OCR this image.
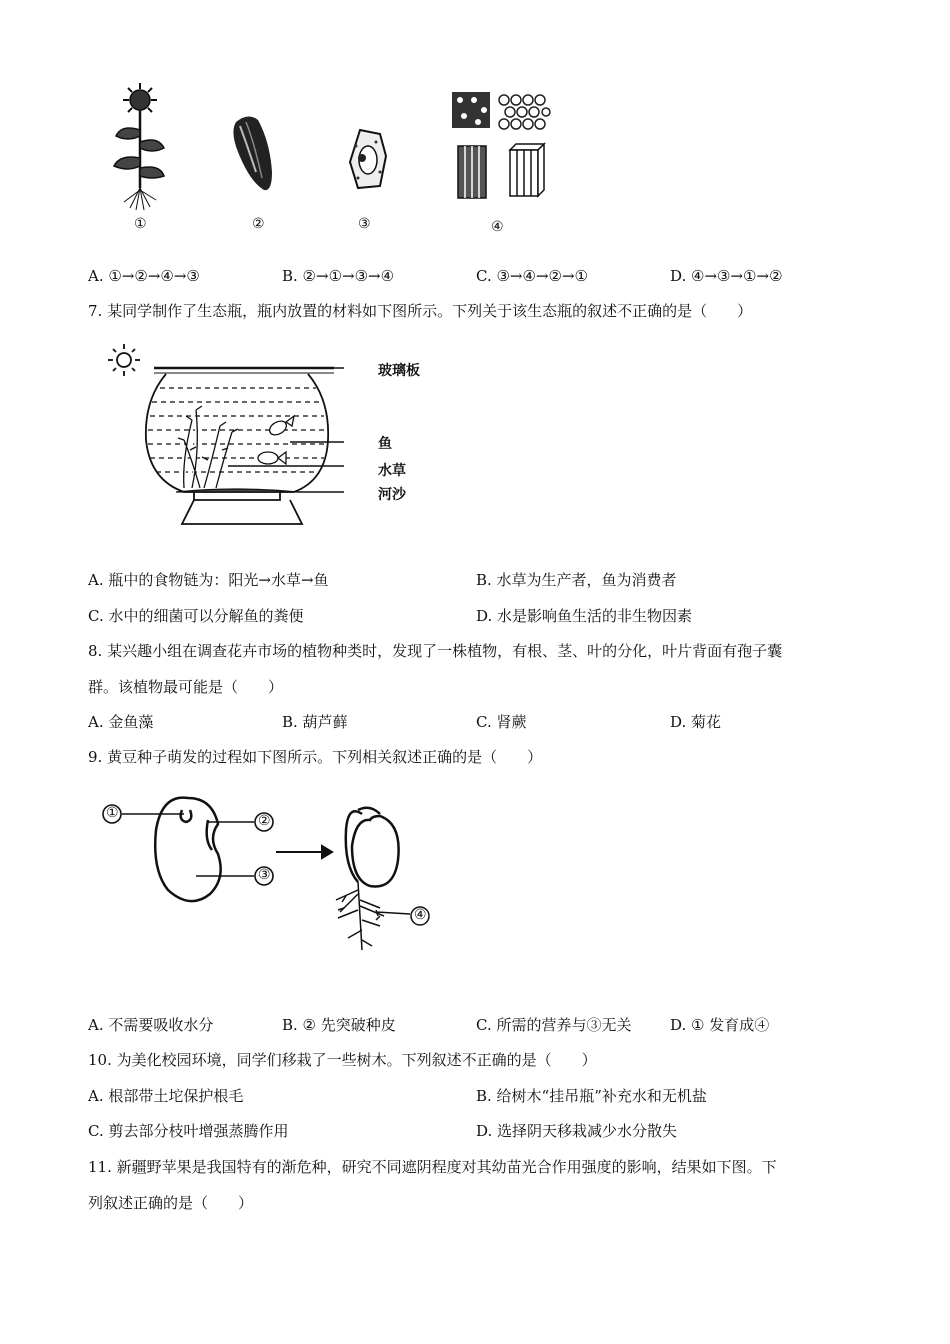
①	②	③	④
A. ①→②→④→③	B. ②→①→③→④	C. ③→④→②→①	D. ④→③→①→②
7. 某同学制作了生态瓶，瓶内放置的材料如下图所示。下列关于该生态瓶的叙述不正确的是（　　）
玻璃板
鱼
水草
河沙
A. 瓶中的食物链为：阳光→水草→鱼	B. 水草为生产者，鱼为消费者
C. 水中的细菌可以分解鱼的粪便	D. 水是影响鱼生活的非生物因素
8. 某兴趣小组在调查花卉市场的植物种类时，发现了一株植物，有根、茎、叶的分化，叶片背面有孢子囊
群。该植物最可能是（　　）
A. 金鱼藻	B. 葫芦藓	C. 肾蕨	D. 菊花
9. 黄豆种子萌发的过程如下图所示。下列相关叙述正确的是（　　）
①	②
③
④
A. 不需要吸收水分	B. ② 先突破种皮	C. 所需的营养与③无关	D. ① 发育成④
10. 为美化校园环境，同学们移栽了一些树木。下列叙述不正确的是（　　）
A. 根部带土坨保护根毛	B. 给树木“挂吊瓶”补充水和无机盐
C. 剪去部分枝叶增强蒸腾作用	D. 选择阴天移栽减少水分散失
11. 新疆野苹果是我国特有的渐危种，研究不同遮阴程度对其幼苗光合作用强度的影响，结果如下图。下
列叙述正确的是（　　）
